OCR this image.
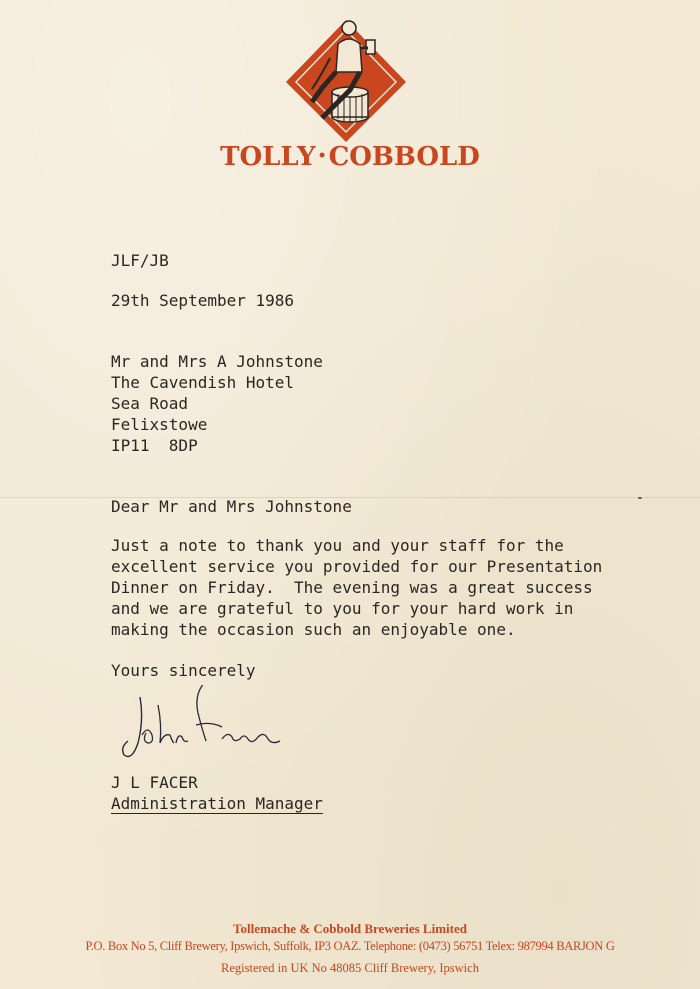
TOLLY •COBBOLD
JLF/JB
29th September 1986
Mr and Mrs A Johnstone
The Cavendish Hotel
Sea Road
Felixstowe
IP11  8DP
Dear Mr and Mrs Johnstone
Just a note to thank you and your staff for the
excellent service you provided for our Presentation
Dinner on Friday.  The evening was a great success
and we are grateful to you for your hard work in
making the occasion such an enjoyable one.
Yours sincerely
J L FACER
Administration Manager
Tollemache & Cobbold Breweries Limited
P.O. Box No 5, Cliff Brewery, Ipswich, Suffolk, IP3 OAZ. Telephone: (0473) 56751 Telex: 987994 BARJON G
Registered in UK No 48085 Cliff Brewery, Ipswich
